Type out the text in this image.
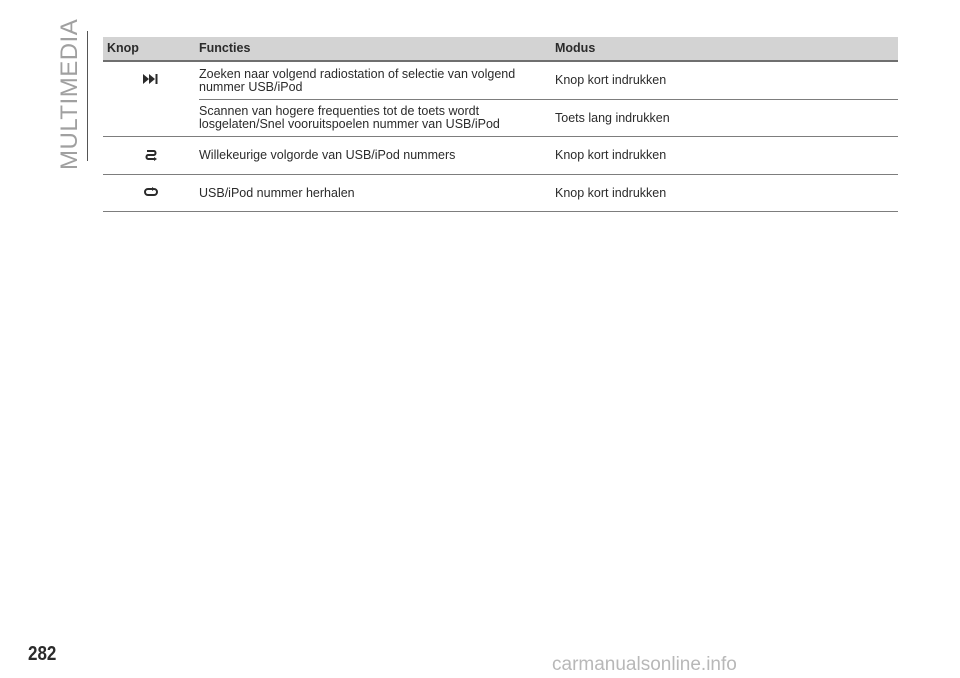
MULTIMEDIA	Knop	Functies	Modus
Zoeken naar volgend radiostation of selectie van volgend nummer USB/iPod	Knop kort indrukken
Scannen van hogere frequenties tot de toets wordt losgelaten/Snel vooruitspoelen nummer van USB/iPod	Toets lang indrukken
Willekeurige volgorde van USB/iPod nummers	Knop kort indrukken
USB/iPod nummer herhalen	Knop kort indrukken
282	carmanualsonline.info
